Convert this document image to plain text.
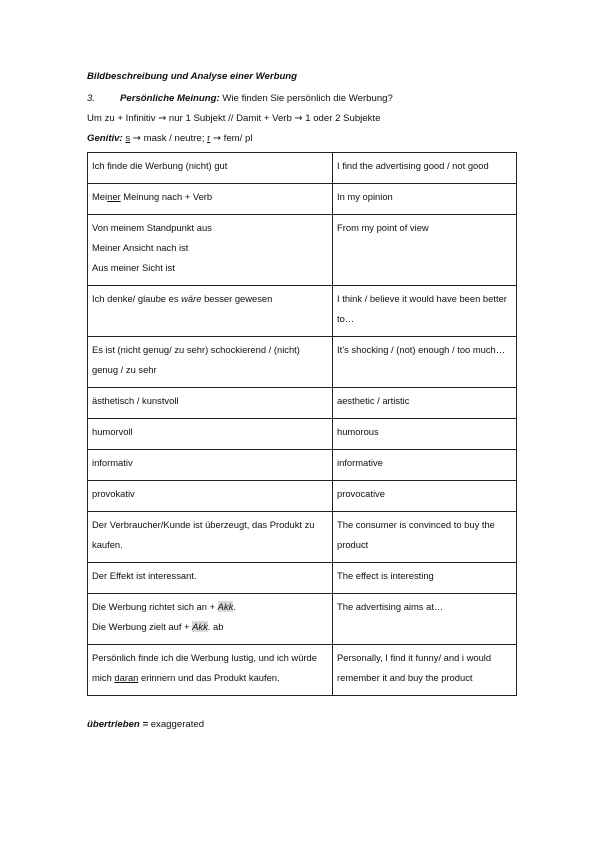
Bildbeschreibung und Analyse einer Werbung
3.	Persönliche Meinung: Wie finden Sie persönlich die Werbung?
Um zu + Infinitiv → nur 1 Subjekt // Damit + Verb → 1 oder 2 Subjekte
Genitiv: s → mask / neutre; r → fem/ pl
Ich finde die Werbung (nicht) gut	I find the advertising good / not good
Meiner Meinung nach + Verb	In my opinion

Von meinem Standpunkt aus
Meiner Ansicht nach ist
Aus meiner Sicht ist	From my point of view
Ich denke/ glaube es wäre besser gewesen	I think / believe it would have been better to…
Es ist (nicht genug/ zu sehr) schockierend / (nicht) genug / zu sehr	It’s shocking / (not) enough / too much…
ästhetisch / kunstvoll	aesthetic / artistic
humorvoll	humorous
informativ	informative
provokativ	provocative
Der Verbraucher/Kunde ist überzeugt, das Produkt zu kaufen.	The consumer is convinced to buy the product
Der Effekt ist interessant.	The effect is interesting

Die Werbung richtet sich an + Akk.
Die Werbung zielt auf + Akk. ab	The advertising aims at…
Persönlich finde ich die Werbung lustig, und ich würde mich daran erinnern und das Produkt kaufen.	Personally, I find it funny/ and i would remember it and buy the product
übertrieben = exaggerated
